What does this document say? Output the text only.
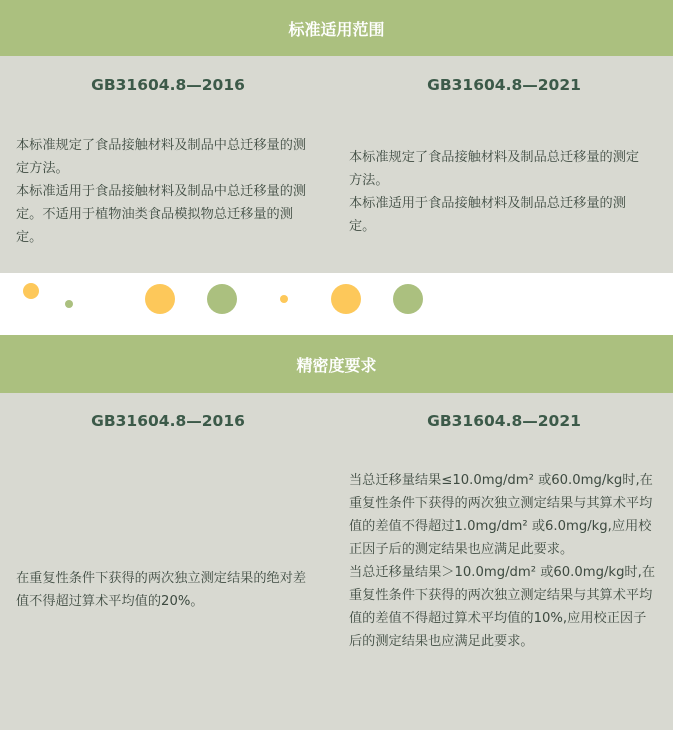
标准适用范围
GB31604.8—2016	GB31604.8—2021

本标准规定了食品接触材料及制品中总迁移量的测定方法。

本标准适用于食品接触材料及制品中总迁移量的测定。不适用于植物油类食品模拟物总迁移量的测定。

本标准规定了食品接触材料及制品总迁移量的测定方法。

本标准适用于食品接触材料及制品总迁移量的测定。

精密度要求
GB31604.8—2016	GB31604.8—2021

在重复性条件下获得的两次独立测定结果的绝对差值不得超过算术平均值的20%。

当总迁移量结果≤10.0mg/dm² 或60.0mg/kg时,在重复性条件下获得的两次独立测定结果与其算术平均值的差值不得超过1.0mg/dm² 或6.0mg/kg,应用校正因子后的测定结果也应满足此要求。

当总迁移量结果＞10.0mg/dm² 或60.0mg/kg时,在重复性条件下获得的两次独立测定结果与其算术平均值的差值不得超过算术平均值的10%,应用校正因子后的测定结果也应满足此要求。
